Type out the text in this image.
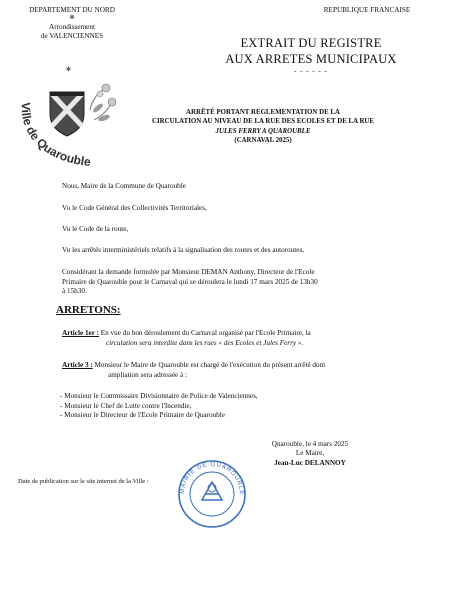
DEPARTEMENT DU NORD
✻
Arrondissement
de VALENCIENNES
✻
REPUBLIQUE FRANCAISE
EXTRAIT DU REGISTRE
AUX ARRETES MUNICIPAUX
- - - - - -
Ville de Quarouble
ARRÊTÉ PORTANT REGLEMENTATION DE LA
CIRCULATION AU NIVEAU DE LA RUE DES ECOLES ET DE LA RUE
JULES FERRY A QUAROUBLE
(CARNAVAL 2025)
Nous, Maire de la Commune de Quarouble
Vu le Code Général des Collectivités Territoriales,
Vu le Code de la route,
Vu les arrêtés interministériels relatifs à la signalisation des routes et des autoroutes,
Considérant la demande formulée par Monsieur DEMAN Anthony, Directeur de l'Ecole
Primaire de Quarouble pour le Carnaval qui se déroulera le lundi 17 mars 2025 de 13h30
à 15h30.
ARRETONS:
Article 1er : En vue du bon déroulement du Carnaval organisé par l'Ecole Primaire, la
circulation sera interdite dans les rues « des Ecoles et Jules Ferry ».
Article 3 : Monsieur le Maire de Quarouble est chargé de l'exécution du présent arrêté dont
ampliation sera adressée à :
- Monsieur le Commissaire Divisionnaire de Police de Valenciennes,
- Monsieur le Chef de Lutte contre l'Incendie,
- Monsieur le Directeur de l'Ecole Primaire de Quarouble
Quarouble, le 4 mars 2025
Le Maire,
Jean-Luc DELANNOY
MAIRIE DE QUAROUBLE
Date de publication sur le site internet de la Ville :
